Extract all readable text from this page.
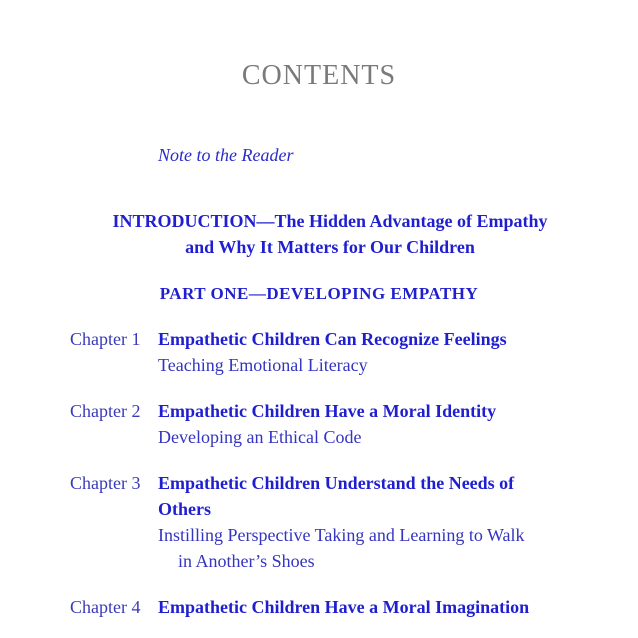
CONTENTS
Note to the Reader
INTRODUCTION—The Hidden Advantage of Empathy
and Why It Matters for Our Children
PART ONE—DEVELOPING EMPATHY
Chapter 1 Empathetic Children Can Recognize Feelings
Teaching Emotional Literacy
Chapter 2 Empathetic Children Have a Moral Identity
Developing an Ethical Code
Chapter 3 Empathetic Children Understand the Needs of Others
Instilling Perspective Taking and Learning to Walk
in Another’s Shoes
Chapter 4 Empathetic Children Have a Moral Imagination
